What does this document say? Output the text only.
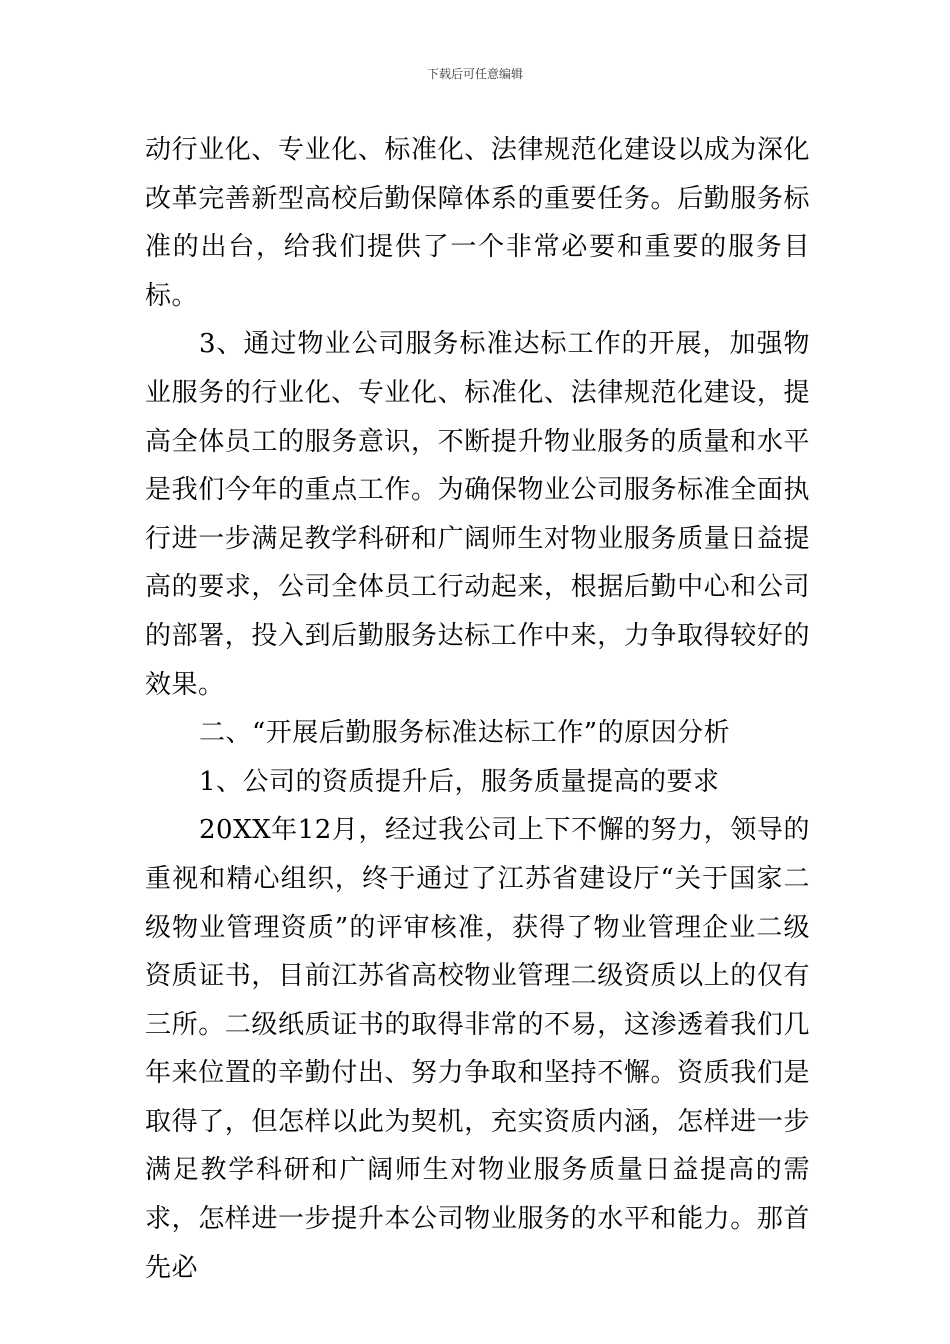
下载后可任意编辑

动行业化、专业化、标准化、法律规范化建设以成为深化改革完善新型高校后勤保障体系的重要任务。后勤服务标准的出台，给我们提供了一个非常必要和重要的服务目标。

3、通过物业公司服务标准达标工作的开展，加强物业服务的行业化、专业化、标准化、法律规范化建设，提高全体员工的服务意识，不断提升物业服务的质量和水平是我们今年的重点工作。为确保物业公司服务标准全面执行进一步满足教学科研和广阔师生对物业服务质量日益提高的要求，公司全体员工行动起来，根据后勤中心和公司的部署，投入到后勤服务达标工作中来，力争取得较好的效果。

二、“开展后勤服务标准达标工作”的原因分析

1、公司的资质提升后，服务质量提高的要求

20XX年12月，经过我公司上下不懈的努力，领导的重视和精心组织，终于通过了江苏省建设厅“关于国家二级物业管理资质”的评审核准，获得了物业管理企业二级资质证书，目前江苏省高校物业管理二级资质以上的仅有三所。二级纸质证书的取得非常的不易，这渗透着我们几年来位置的辛勤付出、努力争取和坚持不懈。资质我们是取得了，但怎样以此为契机，充实资质内涵，怎样进一步满足教学科研和广阔师生对物业服务质量日益提高的需求，怎样进一步提升本公司物业服务的水平和能力。那首先必
